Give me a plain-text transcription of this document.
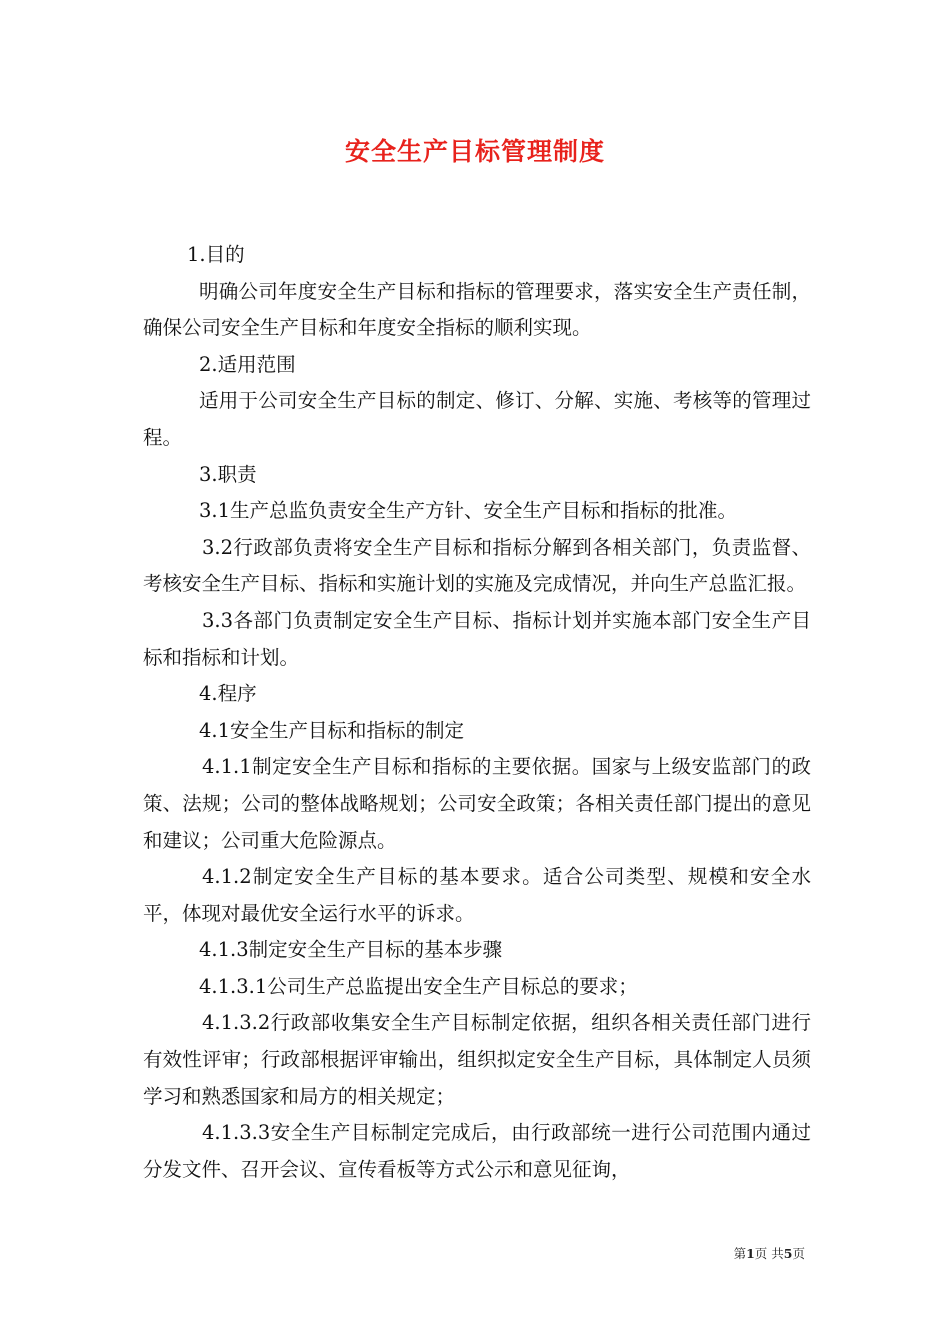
安全生产目标管理制度

1.目的

明确公司年度安全生产目标和指标的管理要求，落实安全生产责任制，确保公司安全生产目标和年度安全指标的顺利实现。

2.适用范围

适用于公司安全生产目标的制定、修订、分解、实施、考核等的管理过程。

3.职责

3.1生产总监负责安全生产方针、安全生产目标和指标的批准。

3.2行政部负责将安全生产目标和指标分解到各相关部门，负责监督、考核安全生产目标、指标和实施计划的实施及完成情况，并向生产总监汇报。

3.3各部门负责制定安全生产目标、指标计划并实施本部门安全生产目标和指标和计划。

4.程序

4.1安全生产目标和指标的制定

4.1.1制定安全生产目标和指标的主要依据。国家与上级安监部门的政策、法规；公司的整体战略规划；公司安全政策；各相关责任部门提出的意见和建议；公司重大危险源点。

4.1.2制定安全生产目标的基本要求。适合公司类型、规模和安全水平，体现对最优安全运行水平的诉求。

4.1.3制定安全生产目标的基本步骤

4.1.3.1公司生产总监提出安全生产目标总的要求；

4.1.3.2行政部收集安全生产目标制定依据，组织各相关责任部门进行有效性评审；行政部根据评审输出，组织拟定安全生产目标，具体制定人员须学习和熟悉国家和局方的相关规定；

4.1.3.3安全生产目标制定完成后，由行政部统一进行公司范围内通过分发文件、召开会议、宣传看板等方式公示和意见征询，

第1页 共5页
